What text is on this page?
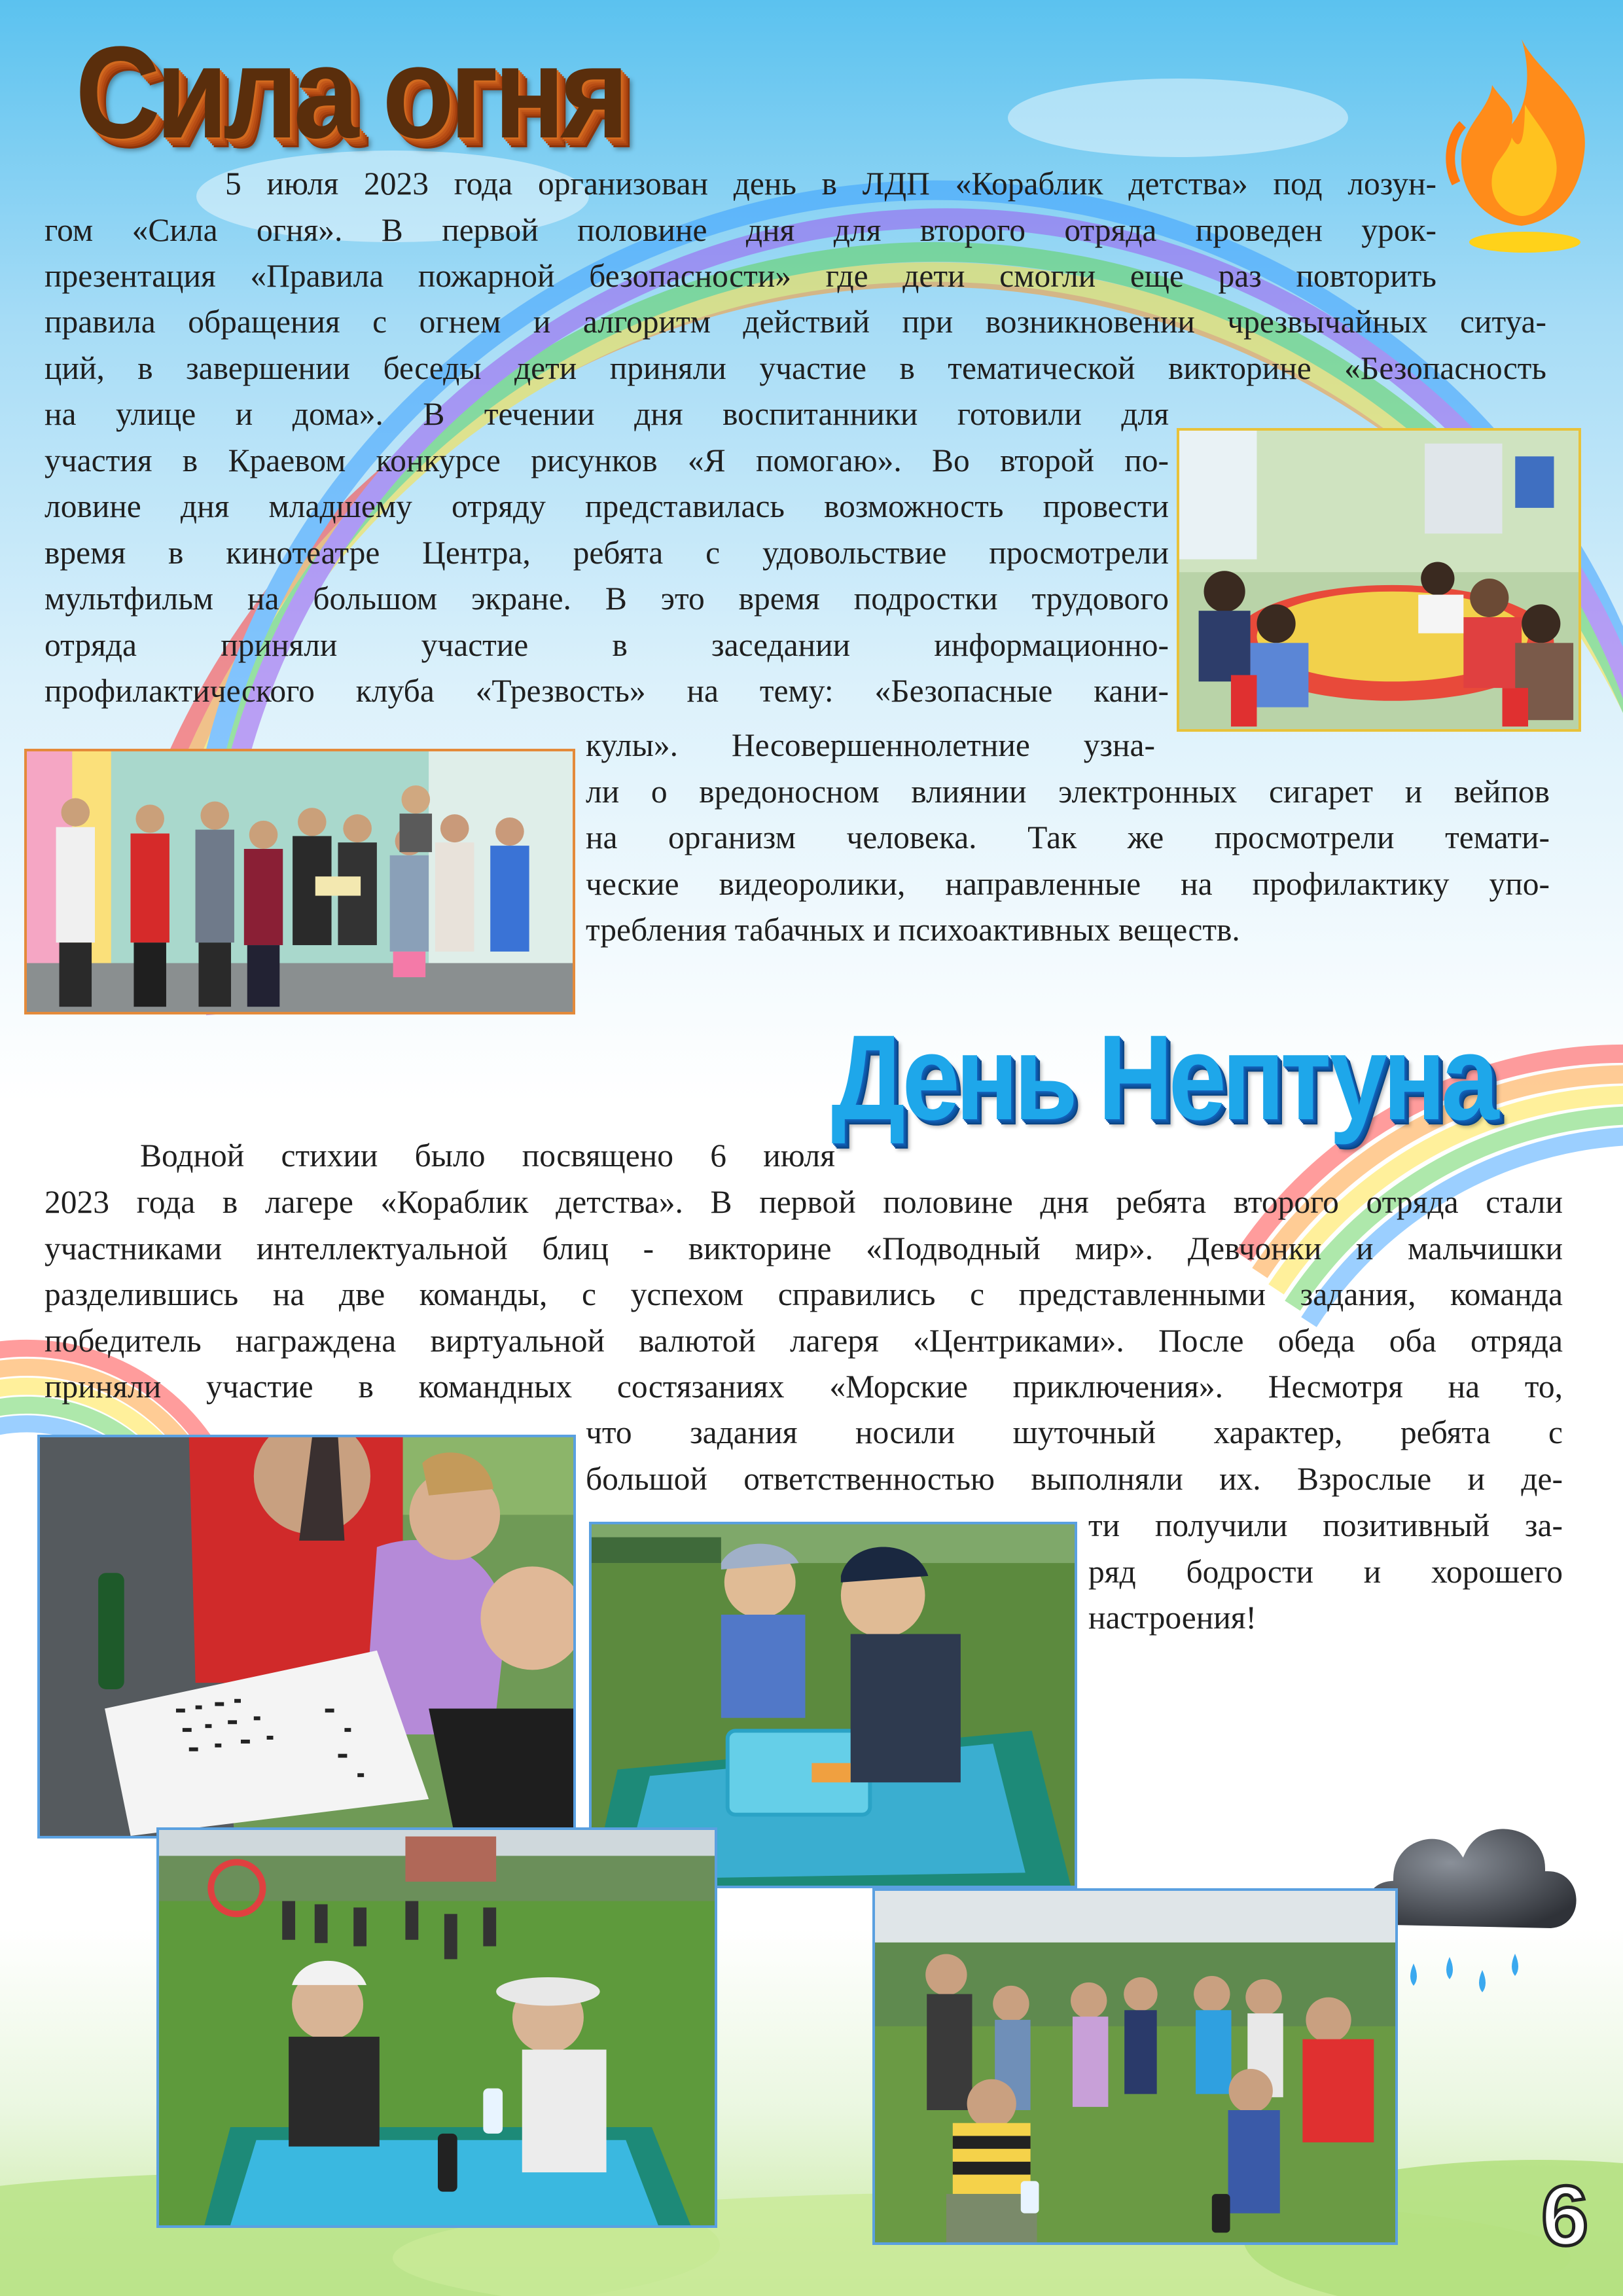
Сила огня
5 июля 2023 года организован день в ЛДП «Кораблик детства» под лозун-
гом «Сила огня». В первой половине дня для второго отряда проведен урок-
презентация «Правила пожарной безопасности» где дети смогли еще раз повторить
правила обращения с огнем и алгоритм действий при возникновении чрезвычайных ситуа-
ций, в завершении беседы дети приняли участие в тематической викторине «Безопасность
на улице и дома». В течении дня воспитанники готовили для
участия в Краевом конкурсе рисунков «Я помогаю». Во второй по-
ловине дня младшему отряду представилась возможность провести
время в кинотеатре Центра, ребята с удовольствие просмотрели
мультфильм на большом экране. В это время подростки трудового
отряда приняли участие в заседании информационно-
профилактического клуба «Трезвость» на тему: «Безопасные кани-
кулы». Несовершеннолетние узна-
ли о вредоносном влиянии электронных сигарет и вейпов
на организм человека. Так же просмотрели темати-
ческие видеоролики, направленные на профилактику упо-
требления табачных и психоактивных веществ.
День Нептуна
Водной стихии было посвящено 6 июля
2023 года в лагере «Кораблик детства». В первой половине дня ребята второго отряда стали
участниками интеллектуальной блиц - викторине «Подводный мир». Девчонки и мальчишки
разделившись на две команды, с успехом справились с представленными задания, команда
победитель награждена виртуальной валютой лагеря «Центриками». После обеда оба отряда
приняли участие в командных состязаниях «Морские приключения». Несмотря на то,
что задания носили шуточный характер, ребята с
большой ответственностью выполняли их. Взрослые и де-
ти получили позитивный за-
ряд бодрости и хорошего
настроения!
6
